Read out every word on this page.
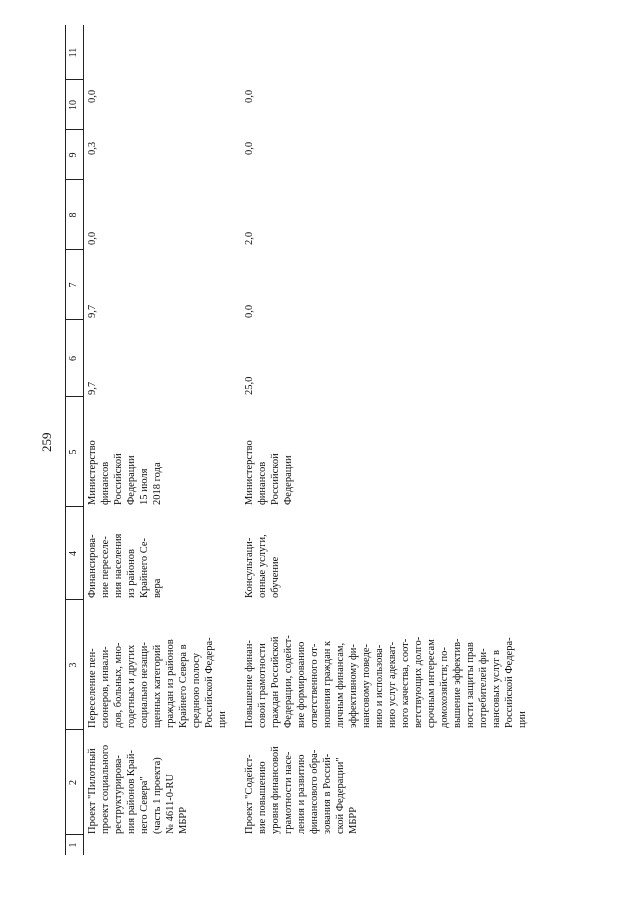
259
1
2
3
4
5
6
7
8
9
10
11
Проект "Пилотный
проект социального
реструктурирова-
ния районов Край-
него Севера"
(часть 1 проекта)
№ 4611-0-RU
МБРР
Переселение пен-
сионеров, инвали-
дов, больных, мно-
годетных и других
социально незащи-
щенных категорий
граждан из районов
Крайнего Севера в
среднюю полосу
Российской Федера-
ции
Финансирова-
ние переселе-
ния населения
из районов
Крайнего Се-
вера
Министерство
финансов
Российской
Федерации
15 июля
2018 года
9,7
9,7
0,0
0,3
0,0
Проект "Содейст-
вие повышению
уровня финансовой
грамотности насе-
ления и развитию
финансового обра-
зования в Россий-
ской Федерации"
МБРР
Повышение финан-
совой грамотности
граждан Российской
Федерации, содейст-
вие формированию
ответственного от-
ношения граждан к
личным финансам,
эффективному фи-
нансовому поведе-
нию и использова-
нию услуг адекват-
ного качества, соот-
ветствующих долго-
срочным интересам
домохозяйств; по-
вышение эффектив-
ности защиты прав
потребителей фи-
нансовых услуг в
Российской Федера-
ции
Консультаци-
онные услуги,
обучение
Министерство
финансов
Российской
Федерации
25,0
0,0
2,0
0,0
0,0
